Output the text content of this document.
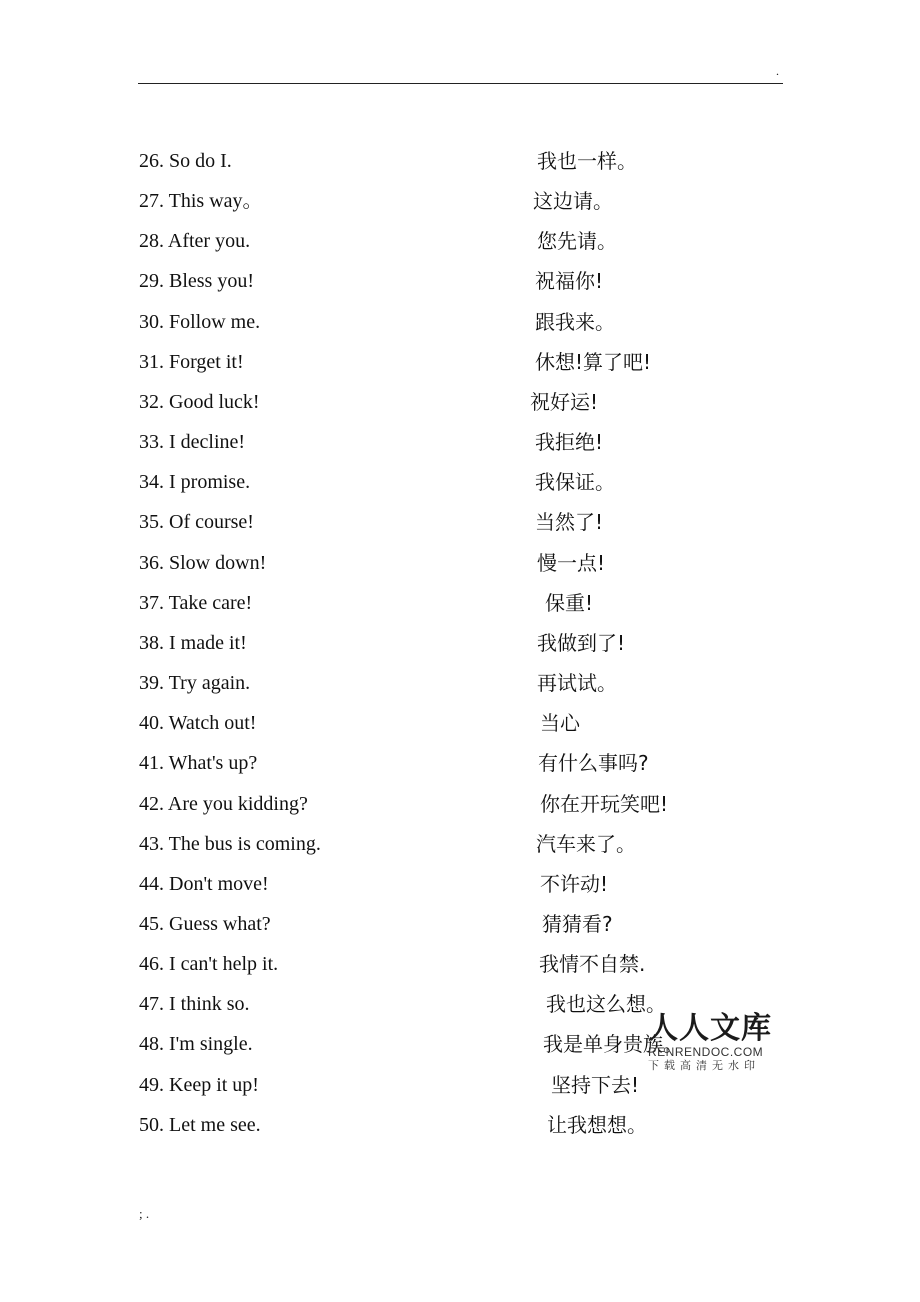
.
26. So do I.	我也一样。
27. This way。	这边请。
28. After you.	您先请。
29. Bless you!	祝福你!
30. Follow me.	跟我来。
31. Forget it!	休想!算了吧!
32. Good luck!	祝好运!
33. I decline!	我拒绝!
34. I promise.	我保证。
35. Of course!	当然了!
36. Slow down!	慢一点!
37. Take care!	保重!
38. I made it!	我做到了!
39. Try again.	再试试。
40. Watch out!	当心
41. What's up?	有什么事吗?
42. Are you kidding?	你在开玩笑吧!
43. The bus is coming.	汽车来了。
44. Don't move!	不许动!
45. Guess what?	猜猜看?
46. I can't help it.	我情不自禁.
47. I think so.	我也这么想。
48. I'm single.	我是单身贵族。
49. Keep it up!	坚持下去!
50. Let me see.	让我想想。
人人文库
RENRENDOC.COM
下载高清无水印
; .
